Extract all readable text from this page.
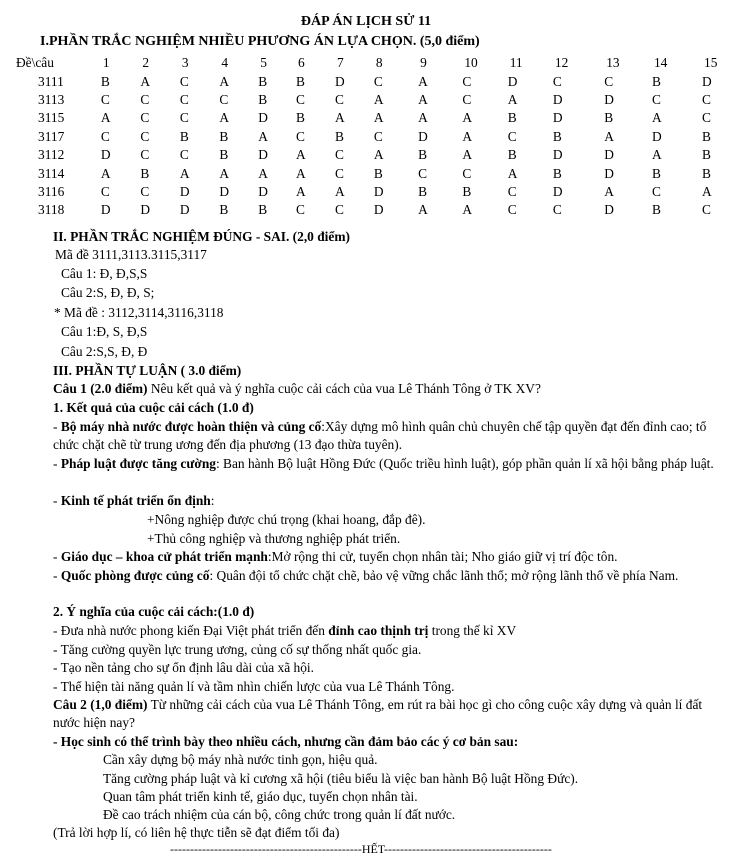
ĐÁP ÁN LỊCH SỬ 11
I.PHẦN TRẮC NGHIỆM NHIỀU PHƯƠNG ÁN LỰA CHỌN. (5,0 điểm)
Đề\câu	1	2	3	4	5	6	7	8	9	10	11	12	13	14	15
3111	B	A	C	A	B	B	D	C	A	C	D	C	C	B	D
3113	C	C	C	C	B	C	C	A	A	C	A	D	D	C	C
3115	A	C	C	A	D	B	A	A	A	A	B	D	B	A	C
3117	C	C	B	B	A	C	B	C	D	A	C	B	A	D	B
3112	D	C	C	B	D	A	C	A	B	A	B	D	D	A	B
3114	A	B	A	A	A	A	C	B	C	C	A	B	D	B	B
3116	C	C	D	D	D	A	A	D	B	B	C	D	A	C	A
3118	D	D	D	B	B	C	C	D	A	A	C	C	D	B	C
II. PHẦN TRẮC NGHIỆM ĐÚNG - SAI. (2,0 điểm)
Mã đề 3111,3113.3115,3117
Câu 1: Đ, Đ,S,S
Câu 2:S, Đ, Đ, S;
* Mã đề : 3112,3114,3116,3118
Câu 1:Đ, S, Đ,S
Câu 2:S,S, Đ, Đ
III. PHẦN TỰ LUẬN ( 3.0 điểm)
Câu 1 (2.0 điểm) Nêu kết quả và ý nghĩa cuộc cải cách của vua Lê Thánh Tông ở TK XV?
1. Kết quả của cuộc cải cách (1.0 đ)
- Bộ máy nhà nước được hoàn thiện và củng cố:Xây dựng mô hình quân chủ chuyên chế tập quyền đạt đến đỉnh cao; tổ chức chặt chẽ từ trung ương đến địa phương (13 đạo thừa tuyên).
- Pháp luật được tăng cường: Ban hành Bộ luật Hồng Đức (Quốc triều hình luật), góp phần quản lí xã hội bằng pháp luật.
- Kinh tế phát triển ổn định:
+Nông nghiệp được chú trọng (khai hoang, đắp đê).
+Thủ công nghiệp và thương nghiệp phát triển.
- Giáo dục – khoa cử phát triển mạnh:Mở rộng thi cử, tuyển chọn nhân tài; Nho giáo giữ vị trí độc tôn.
- Quốc phòng được củng cố: Quân đội tổ chức chặt chẽ, bảo vệ vững chắc lãnh thổ; mở rộng lãnh thổ về phía Nam.
2. Ý nghĩa của cuộc cải cách:(1.0 đ)
- Đưa nhà nước phong kiến Đại Việt phát triển đến đỉnh cao thịnh trị trong thế kỉ XV
- Tăng cường quyền lực trung ương, củng cố sự thống nhất quốc gia.
- Tạo nền tảng cho sự ổn định lâu dài của xã hội.
- Thể hiện tài năng quản lí và tầm nhìn chiến lược của vua Lê Thánh Tông.
Câu 2 (1,0 điểm) Từ những cải cách của vua Lê Thánh Tông, em rút ra bài học gì cho công cuộc xây dựng và quản lí đất nước hiện nay?
- Học sinh có thể trình bày theo nhiều cách, nhưng cần đảm bảo các ý cơ bản sau:
Cần xây dựng bộ máy nhà nước tinh gọn, hiệu quả.
Tăng cường pháp luật và kỉ cương xã hội (tiêu biểu là việc ban hành Bộ luật Hồng Đức).
Quan tâm phát triển kinh tế, giáo dục, tuyển chọn nhân tài.
Đề cao trách nhiệm của cán bộ, công chức trong quản lí đất nước.
(Trả lời hợp lí, có liên hệ thực tiễn sẽ đạt điểm tối đa)
------------------------------------------------HẾT------------------------------------------
